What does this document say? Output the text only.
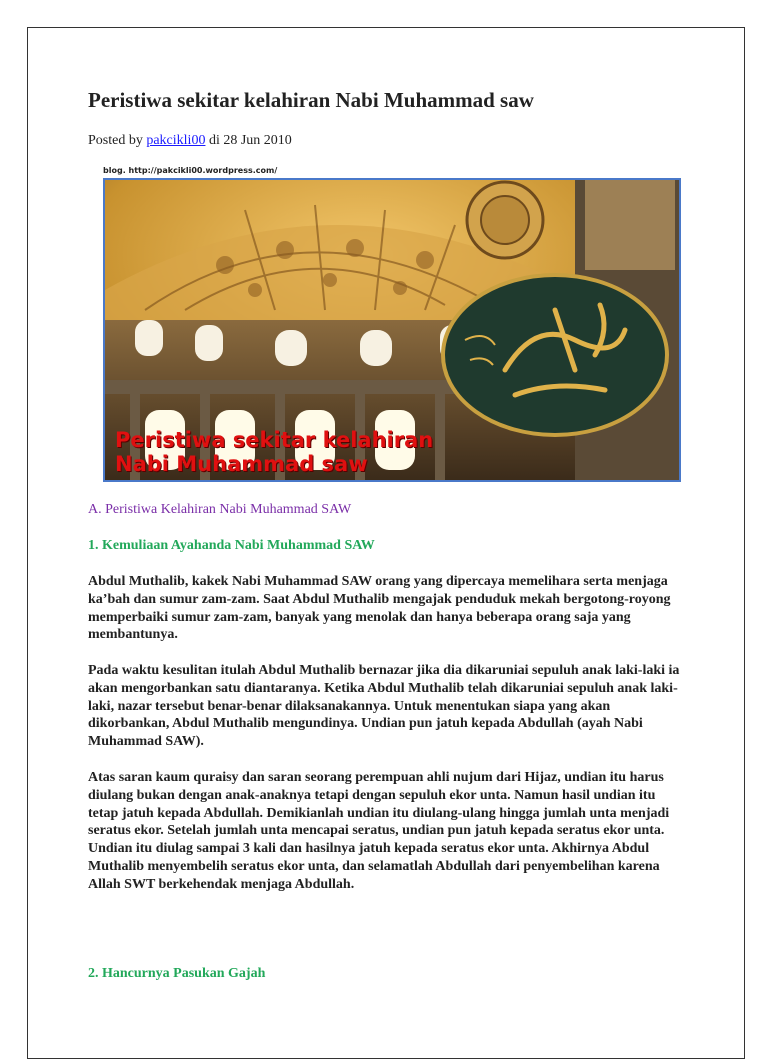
Peristiwa sekitar kelahiran Nabi Muhammad saw
Posted by pakcikli00 di 28 Jun 2010
blog. http://pakcikli00.wordpress.com/
Peristiwa sekitar kelahiran
Nabi Muhammad saw
A. Peristiwa Kelahiran Nabi Muhammad SAW
1. Kemuliaan Ayahanda Nabi Muhammad SAW

Abdul Muthalib, kakek Nabi Muhammad SAW orang yang dipercaya memelihara serta menjaga ka’bah dan sumur zam-zam. Saat Abdul Muthalib mengajak penduduk mekah bergotong-royong memperbaiki sumur zam-zam, banyak yang menolak dan hanya beberapa orang saja yang membantunya.

Pada waktu kesulitan itulah Abdul Muthalib bernazar jika dia dikaruniai sepuluh anak laki-laki ia akan mengorbankan satu diantaranya. Ketika Abdul Muthalib telah dikaruniai sepuluh anak laki-laki, nazar tersebut benar-benar dilaksanakannya. Untuk menentukan siapa yang akan dikorbankan, Abdul Muthalib mengundinya. Undian pun jatuh kepada Abdullah (ayah Nabi Muhammad SAW).

Atas saran kaum quraisy dan saran seorang perempuan ahli nujum dari Hijaz, undian itu harus diulang bukan dengan anak-anaknya tetapi dengan sepuluh ekor unta. Namun hasil undian itu tetap jatuh kepada Abdullah. Demikianlah undian itu diulang-ulang hingga jumlah unta menjadi seratus ekor. Setelah jumlah unta mencapai seratus, undian pun jatuh kepada seratus ekor unta. Undian itu diulag sampai 3 kali dan hasilnya jatuh kepada seratus ekor unta. Akhirnya Abdul Muthalib menyembelih seratus ekor unta, dan selamatlah Abdullah dari penyembelihan karena Allah SWT berkehendak menjaga Abdullah.

2. Hancurnya Pasukan Gajah
